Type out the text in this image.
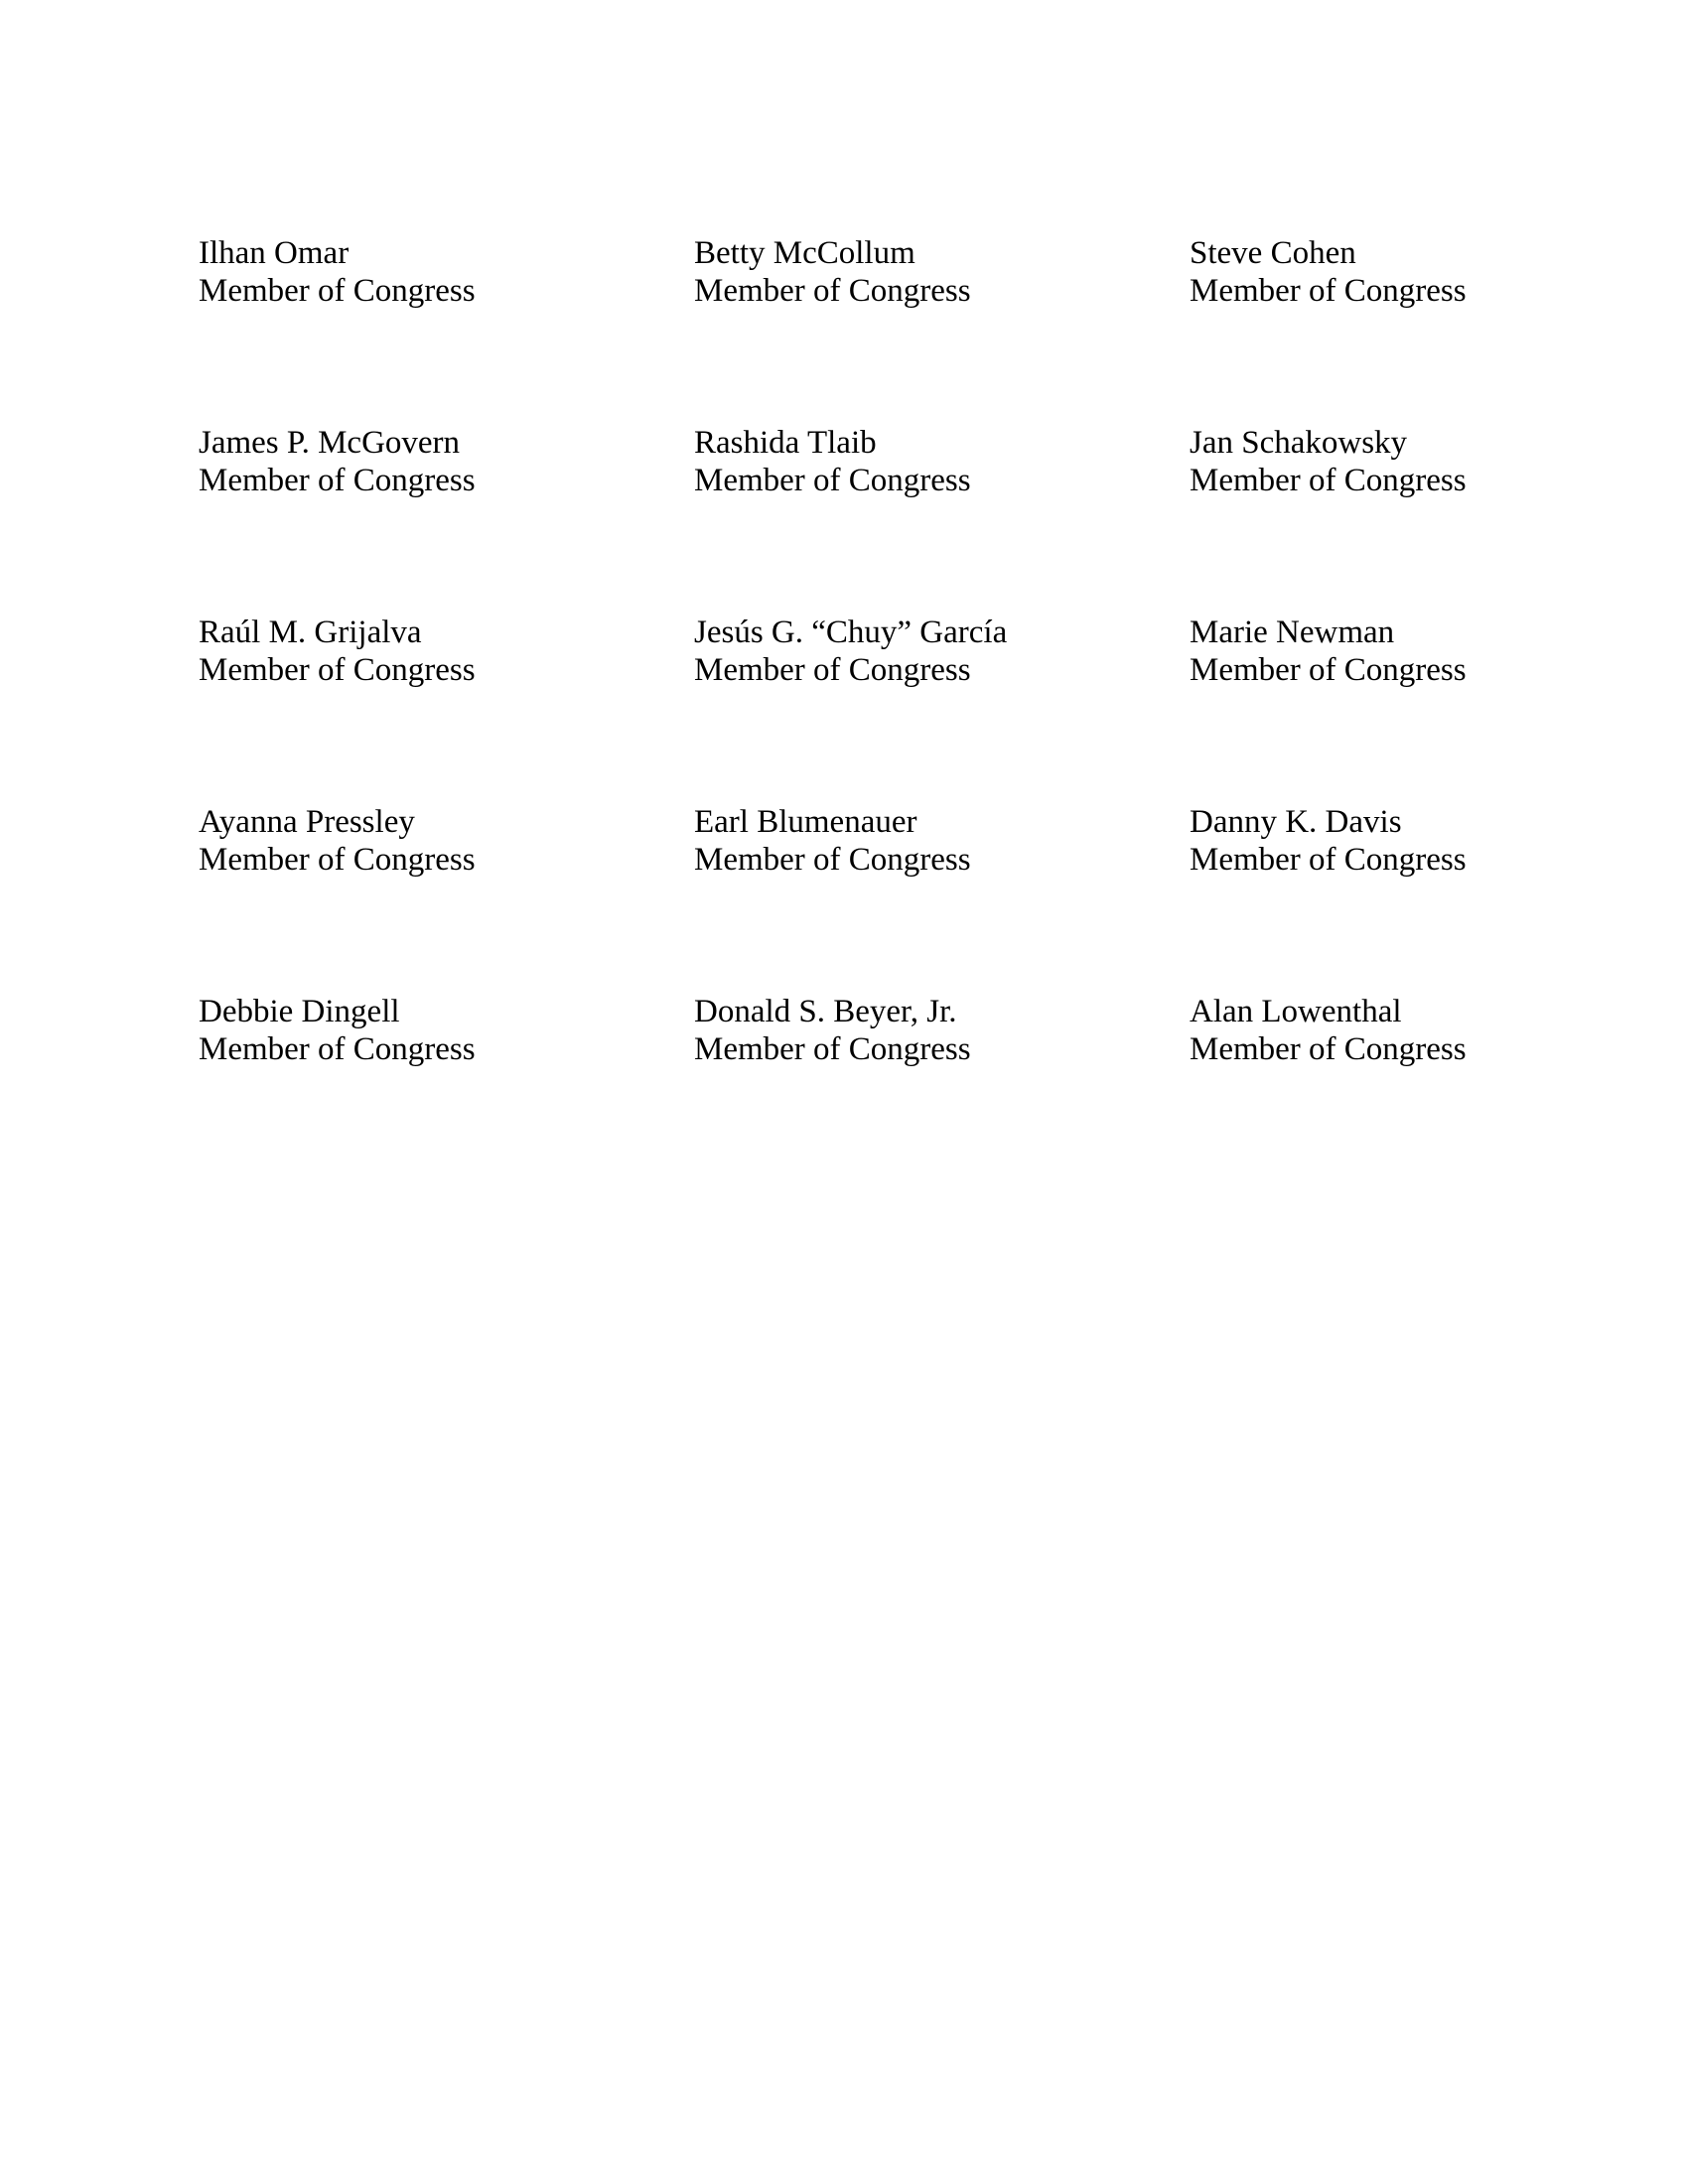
Ilhan Omar
Member of Congress
Betty McCollum
Member of Congress
Steve Cohen
Member of Congress
James P. McGovern
Member of Congress
Rashida Tlaib
Member of Congress
Jan Schakowsky
Member of Congress
Raúl M. Grijalva
Member of Congress
Jesús G. “Chuy” García
Member of Congress
Marie Newman
Member of Congress
Ayanna Pressley
Member of Congress
Earl Blumenauer
Member of Congress
Danny K. Davis
Member of Congress
Debbie Dingell
Member of Congress
Donald S. Beyer, Jr.
Member of Congress
Alan Lowenthal
Member of Congress
